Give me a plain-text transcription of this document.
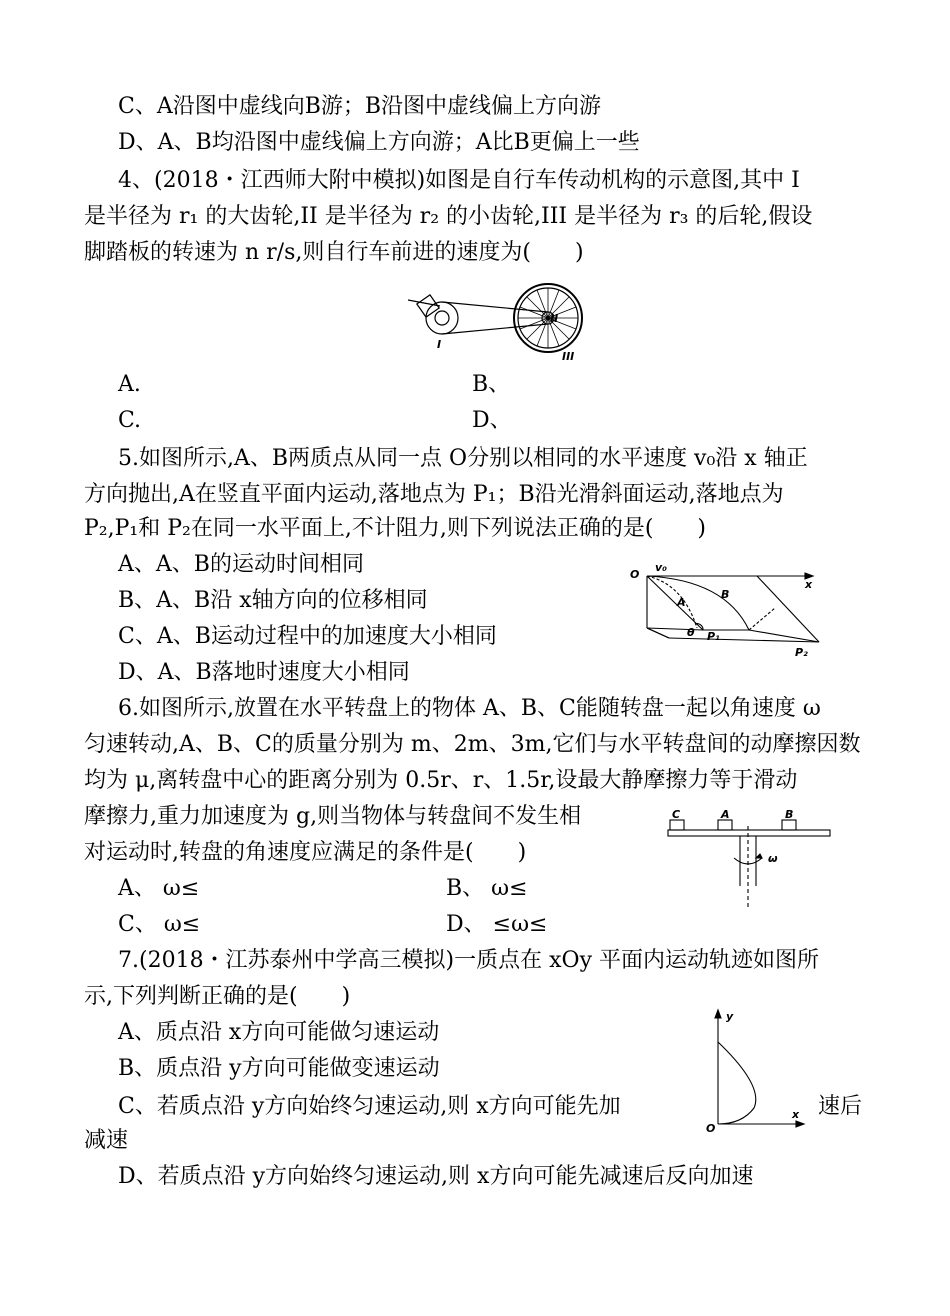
C、A沿图中虚线向B游；B沿图中虚线偏上方向游
D、A、B均沿图中虚线偏上方向游；A比B更偏上一些
4、(2018・江西师大附中模拟)如图是自行车传动机构的示意图,其中 I
是半径为 r₁ 的大齿轮,II 是半径为 r₂ 的小齿轮,III 是半径为 r₃ 的后轮,假设
脚踏板的转速为 n r/s,则自行车前进的速度为(　　)
I
II
III
A.	B、
C.	D、
5.如图所示,A、B两质点从同一点 O分别以相同的水平速度 v₀沿 x 轴正
方向抛出,A在竖直平面内运动,落地点为 P₁；B沿光滑斜面运动,落地点为
P₂,P₁和 P₂在同一水平面上,不计阻力,则下列说法正确的是(　　)
A、A、B的运动时间相同
B、A、B沿 x轴方向的位移相同
C、A、B运动过程中的加速度大小相同
D、A、B落地时速度大小相同
O
v₀
x
A
B
θ P₁
P₂
6.如图所示,放置在水平转盘上的物体 A、B、C能随转盘一起以角速度 ω
匀速转动,A、B、C的质量分别为 m、2m、3m,它们与水平转盘间的动摩擦因数
均为 μ,离转盘中心的距离分别为 0.5r、r、1.5r,设最大静摩擦力等于滑动
摩擦力,重力加速度为 g,则当物体与转盘间不发生相
对运动时,转盘的角速度应满足的条件是(　　)
A、 ω≤	B、 ω≤
C、 ω≤	D、 ≤ω≤
C	A	B
ω
7.(2018・江苏泰州中学高三模拟)一质点在 xOy 平面内运动轨迹如图所
示,下列判断正确的是(　　)
A、质点沿 x方向可能做匀速运动
B、质点沿 y方向可能做变速运动
C、若质点沿 y方向始终匀速运动,则 x方向可能先加	速后
减速
D、若质点沿 y方向始终匀速运动,则 x方向可能先减速后反向加速
y
x
O
